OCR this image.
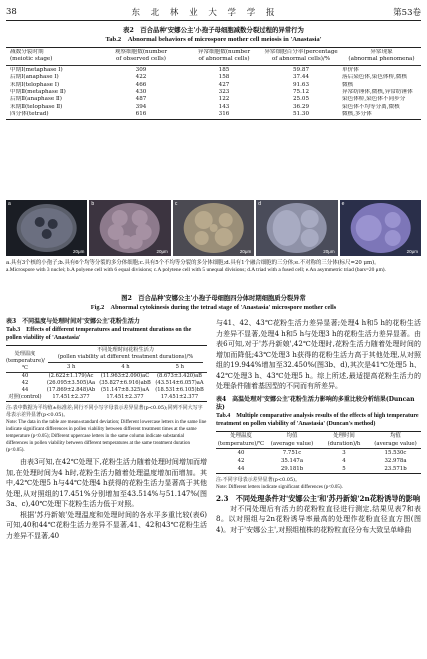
38	东 北 林 业 大 学 学 报	第53卷
表2　百合品种'安娜公主'小孢子母细胞减数分裂过程的异常行为
Tab.2　Abnormal behaviors of microspore mother cell meiosis in 'Anastasia'
减数分裂时期
(meiotic stage)
观察细胞数(number
of observed cells)
异常细胞数(number
of abnormal cells)
异常细胞百分率(percentage
of abnormal cells)/%
异常现象
(abnormal phenomena)
中期Ⅰ(metaphase Ⅰ)	309	185	59.87	单价体
后期Ⅰ(anaphase Ⅰ)	422	158	37.44	落后染色体,染色体桥,微核
末期Ⅰ(telophase Ⅰ)	466	427	91.63	微核
中期Ⅱ(metaphase Ⅱ)	430	323	75.12	异常纺锤体,微核,异常纺锤体
后期Ⅱ(anaphase Ⅱ)	487	122	25.05	染色体桥,染色体不同步分
末期Ⅱ(telophase Ⅱ)	394	143	36.29	染色体不均等分离,微核
四分体(tetrad)	616	316	51.30	微核,多分体
a
20μm
b
20μm
c
20μm
d
20μm
e
20μm
a.具有3个核的小孢子;b.具有6个均等分裂的多分体细胞;c.具有5个不均等分裂的多分体细胞;d.具有1个融合细胞的三分体;e.不对称的三分体(标尺=20 μm)。
a.Microspore with 3 nuclei; b.A polyene cell with 6 equal divisions; c.A polytene cell with 5 unequal divisions; d.A triad with a fused cell; e.An asymmetric triad (bars=20 μm).
图2　百合品种'安娜公主'小孢子母细胞四分体时期细胞质分裂异常
Fig.2　Abnormal cytokinesis during the tetrad stage of 'Anastasia' microspore mother cells
表3　不同温度与处理时间对'安娜公主'花粉生活力
Tab.3　Effects of different temperatures and treatment durations on the pollen viability of 'Anastasia'
处理温度
(temperature)/℃
不同处理时间花粉生活力
(pollen viability at different treatment durations)/%
3 h	4 h	5 h
40	(2.622±1.179)Ac	(11.963±2.090)aC	(8.673±3.420)aB
42	(26.095±3.505)Aa (35.827±6.916)abB (43.514±6.057)aA
44	(17.869±2.848)Ab	(51.147±8.325)aA	(18.531±6.105)bB
对照(control)	17.451±2.377	17.451±2.377	17.451±2.377
注:表中数据为平均值±标准差;同行不同小写字母表示差异显著(p<0.05);同列不同大写字母表示差异显著(p<0.05)。
Note: The data in the table are mean±standard deviation; Different lowercase letters in the same line indicate significant differences in pollen viability between different treatment times at the same temperature (p<0.05); Different uppercase letters in the same column indicate substantial differences in pollen viability between different temperatures at the same treatment duration (p<0.05).

由表3可知,在42℃处理下,花粉生活力随着处理时间增加而增加,在处理时间为4 h时,花粉生活力随着处理温度增加而增加。其中,42℃处理5 h与44℃处理4 h获得的花粉生活力显著高于其他处理,从对照组的17.451%分别增加至43.514%与51.147%(图3a、c),40℃处理下花粉生活力低于对照。

根据'苏丹新娘'处理温度和处理时间的各水平多重比较(表6)可知,40和44℃花粉生活力差异不显著,41、42和43℃花粉生活力差异不显著,40

与41、42、43℃花粉生活力差异显著;处理4 h和5 h的花粉生活力差异不显著,处理4 h和5 h与处理3 h的花粉生活力差异显著。由表6可知,对于'苏丹新娘',42℃处理时,花粉生活力随着处理时间的增加而降低;43℃处理3 h获得的花粉生活力高于其他处理,从对照组的19.944%增加至32.450%(图3b、d),其次是41℃处理5 h、42℃处理3 h、43℃处理5 h。综上所述,最适提高花粉生活力的处理条件随着基因型的不同而有所差异。

表4　高温处理对'安娜公主'花粉生活力影响的多重比较分析结果(Duncan法)
Tab.4　Multiple comparative analysis results of the effects of high temperature treatment on pollen viability of 'Anastasia' (Duncan's method)
处理温度
(temperature)/℃
均值
(average value)
处理时间
(duration)/h
均值
(average value)
40	7.751c	3	15.530c
42	35.147a	4	32.978a
44	29.181b	5	23.571b
注:不同字母表示差异显著(p<0.05)。
Note: Different letters indicate significant differences (p<0.05).
2.3　不同处理条件对'安娜公主'和'苏丹新娘'2n花粉诱导的影响

对不同处理后有活力的花粉粒直径进行测定,结果见表7和表8。以对照组与2n花粉诱导率最高的处理作花粉直径直方图(图4)。对于'安娜公主',对照组植株的花粉粒直径分布大致呈单峰曲
